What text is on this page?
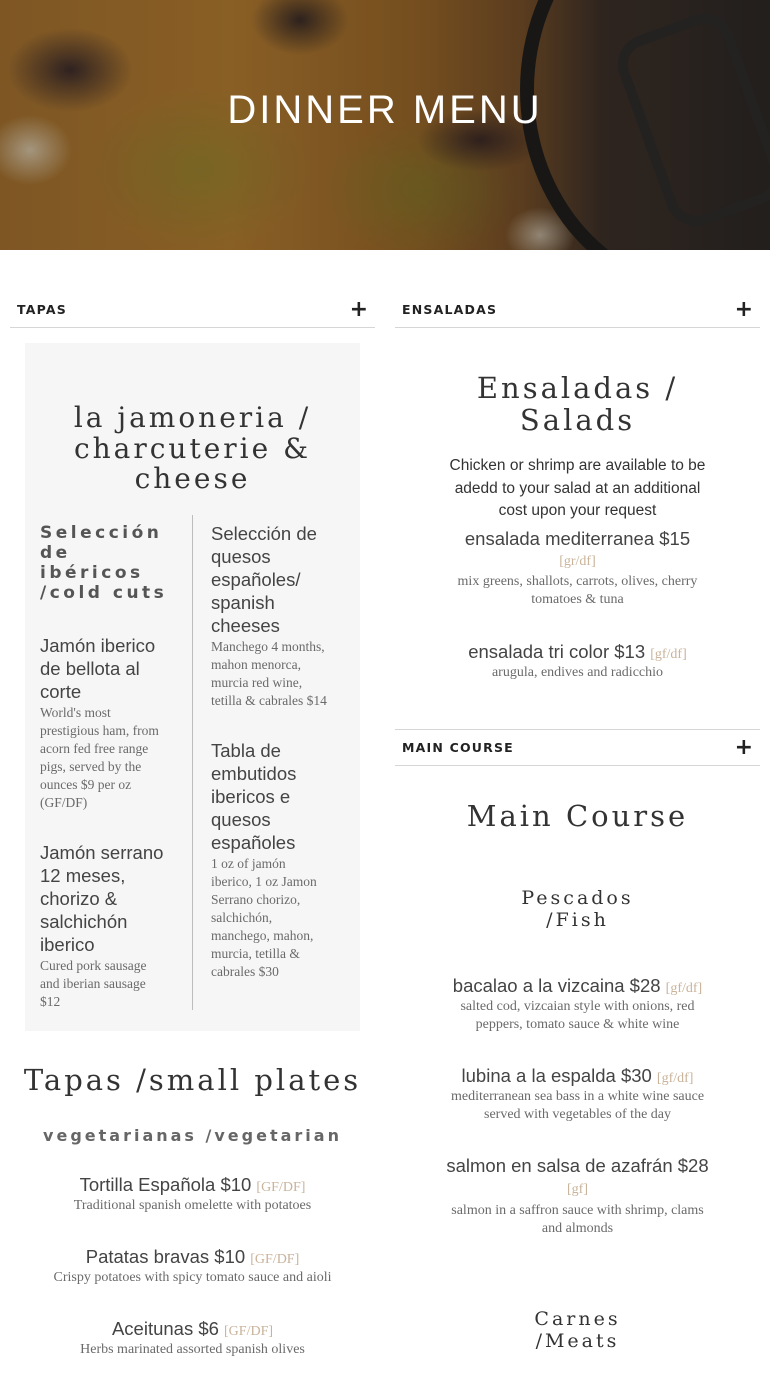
DINNER MENU
TAPAS	+	ENSALADAS	+
la jamoneria /
charcuterie &
cheese
Selección
de
ibéricos
/cold cuts
Jamón iberico
de bellota al
corte
World's most
prestigious ham, from
acorn fed free range
pigs, served by the
ounces $9 per oz
(GF/DF)
Jamón serrano
12 meses,
chorizo &
salchichón
iberico
Cured pork sausage
and iberian sausage
$12
Selección de
quesos
españoles/
spanish
cheeses
Manchego 4 months,
mahon menorca,
murcia red wine,
tetilla & cabrales $14
Tabla de
embutidos
ibericos e
quesos
españoles
1 oz of jamón
iberico, 1 oz Jamon
Serrano chorizo,
salchichón,
manchego, mahon,
murcia, tetilla &
cabrales $30
Tapas /small plates
vegetarianas /vegetarian
Tortilla Española $10 [GF/DF]
Traditional spanish omelette with potatoes
Patatas bravas $10 [GF/DF]
Crispy potatoes with spicy tomato sauce and aioli
Aceitunas $6 [GF/DF]
Herbs marinated assorted spanish olives
Ensaladas /
Salads
Chicken or shrimp are available to be
adedd to your salad at an additional
cost upon your request
ensalada mediterranea $15
[gr/df]
mix greens, shallots, carrots, olives, cherry
tomatoes & tuna
ensalada tri color $13 [gf/df]
arugula, endives and radicchio
MAIN COURSE	+
Main Course
Pescados
/Fish
bacalao a la vizcaina $28 [gf/df]
salted cod, vizcaian style with onions, red
peppers, tomato sauce & white wine
lubina a la espalda $30 [gf/df]
mediterranean sea bass in a white wine sauce
served with vegetables of the day
salmon en salsa de azafrán $28
[gf]
salmon in a saffron sauce with shrimp, clams
and almonds
Carnes
/Meats
